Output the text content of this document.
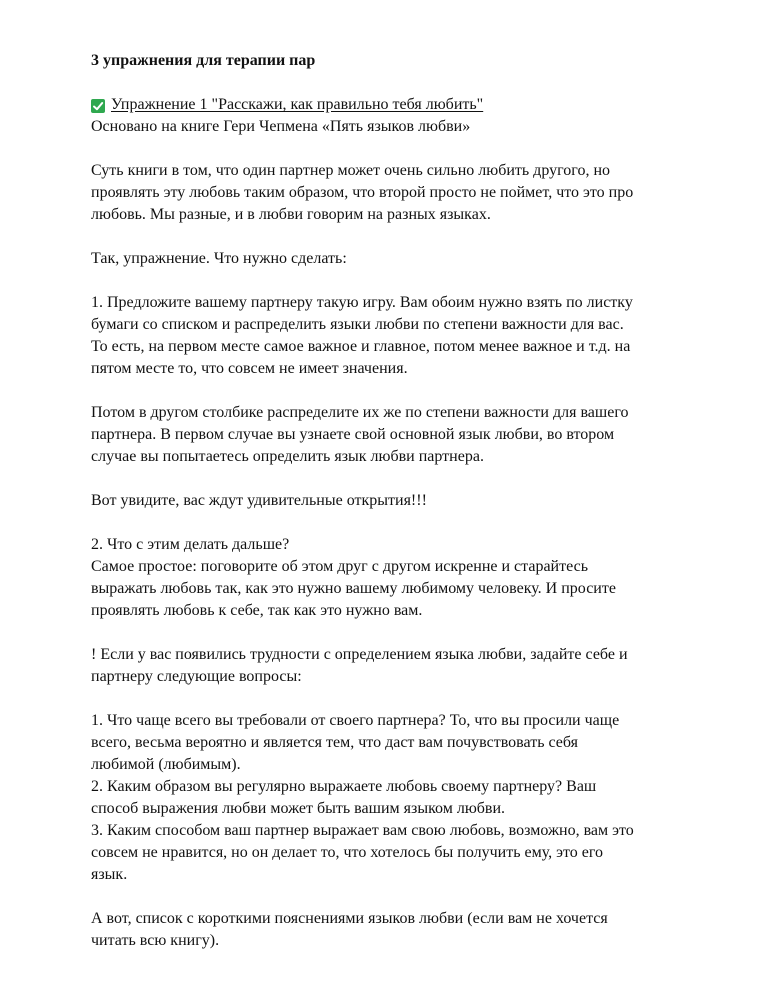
3 упражнения для терапии пар

Упражнение 1 "Расскажи, как правильно тебя любить"

Основано на книге Гери Чепмена «Пять языков любви»

Суть книги в том, что один партнер может очень сильно любить другого, но

проявлять эту любовь таким образом, что второй просто не поймет, что это про

любовь. Мы разные, и в любви говорим на разных языках.

Так, упражнение. Что нужно сделать:

1. Предложите вашему партнеру такую игру. Вам обоим нужно взять по листку

бумаги со списком и распределить языки любви по степени важности для вас.

То есть, на первом месте самое важное и главное, потом менее важное и т.д. на

пятом месте то, что совсем не имеет значения.

Потом в другом столбике распределите их же по степени важности для вашего

партнера. В первом случае вы узнаете свой основной язык любви, во втором

случае вы попытаетесь определить язык любви партнера.

Вот увидите, вас ждут удивительные открытия!!!

2. Что с этим делать дальше?

Самое простое: поговорите об этом друг с другом искренне и старайтесь

выражать любовь так, как это нужно вашему любимому человеку. И просите

проявлять любовь к себе, так как это нужно вам.

! Если у вас появились трудности с определением языка любви, задайте себе и

партнеру следующие вопросы:

1. Что чаще всего вы требовали от своего партнера? То, что вы просили чаще

всего, весьма вероятно и является тем, что даст вам почувствовать себя

любимой (любимым).

2. Каким образом вы регулярно выражаете любовь своему партнеру? Ваш

способ выражения любви может быть вашим языком любви.

3. Каким способом ваш партнер выражает вам свою любовь, возможно, вам это

совсем не нравится, но он делает то, что хотелось бы получить ему, это его

язык.

А вот, список с короткими пояснениями языков любви (если вам не хочется

читать всю книгу).
